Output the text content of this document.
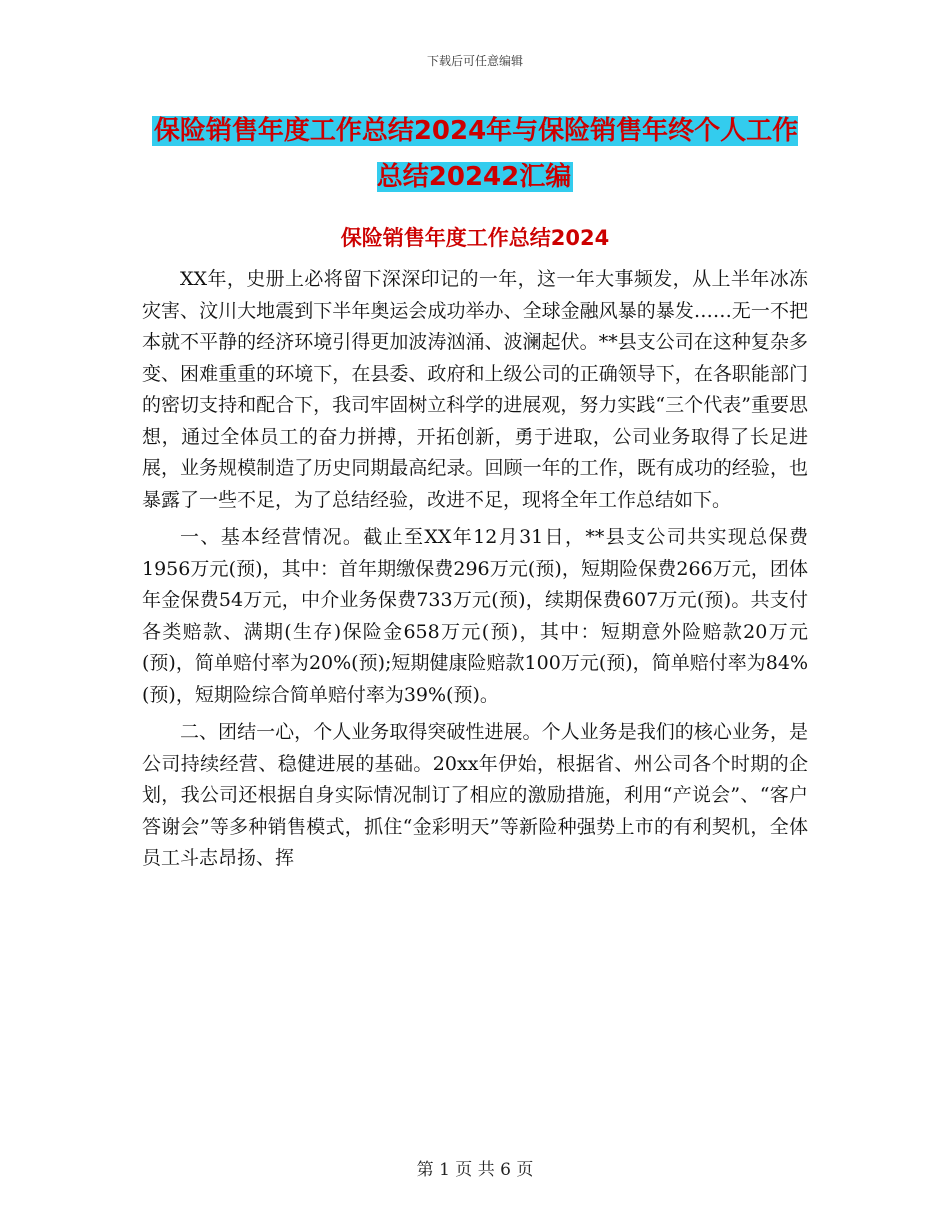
下载后可任意编辑
保险销售年度工作总结2024年与保险销售年终个人工作总结20242汇编
保险销售年度工作总结2024

XX年，史册上必将留下深深印记的一年，这一年大事频发，从上半年冰冻灾害、汶川大地震到下半年奥运会成功举办、全球金融风暴的暴发……无一不把本就不平静的经济环境引得更加波涛汹涌、波澜起伏。**县支公司在这种复杂多变、困难重重的环境下，在县委、政府和上级公司的正确领导下，在各职能部门的密切支持和配合下，我司牢固树立科学的进展观，努力实践“三个代表”重要思想，通过全体员工的奋力拼搏，开拓创新，勇于进取，公司业务取得了长足进展，业务规模制造了历史同期最高纪录。回顾一年的工作，既有成功的经验，也暴露了一些不足，为了总结经验，改进不足，现将全年工作总结如下。

一、基本经营情况。截止至XX年12月31日，**县支公司共实现总保费1956万元(预)，其中：首年期缴保费296万元(预)，短期险保费266万元，团体年金保费54万元，中介业务保费733万元(预)，续期保费607万元(预)。共支付各类赔款、满期(生存)保险金658万元(预)，其中：短期意外险赔款20万元(预)，简单赔付率为20%(预);短期健康险赔款100万元(预)，简单赔付率为84%(预)，短期险综合简单赔付率为39%(预)。

二、团结一心，个人业务取得突破性进展。个人业务是我们的核心业务，是公司持续经营、稳健进展的基础。20xx年伊始，根据省、州公司各个时期的企划，我公司还根据自身实际情况制订了相应的激励措施，利用“产说会”、“客户答谢会”等多种销售模式，抓住“金彩明天”等新险种强势上市的有利契机，全体员工斗志昂扬、挥

第 1 页 共 6 页
